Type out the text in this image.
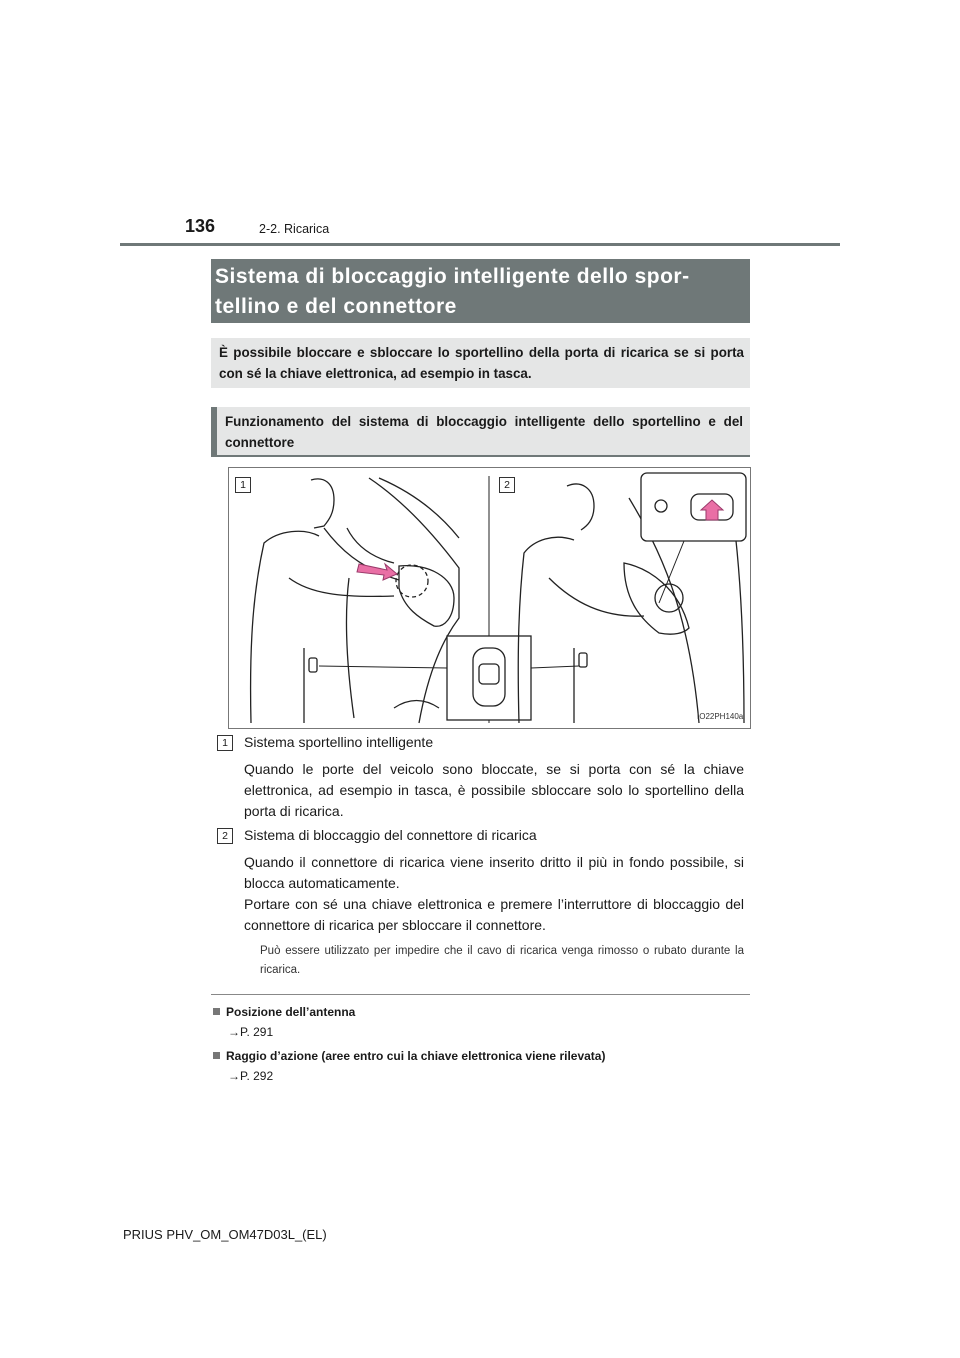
136	2-2. Ricarica
Sistema di bloccaggio intelligente dello spor-tellino e del connettore
È possibile bloccare e sbloccare lo sportellino della porta di ricarica se si porta con sé la chiave elettronica, ad esempio in tasca.
Funzionamento del sistema di bloccaggio intelligente dello sportellino e del connettore
1	2
IO22PH140a
1	Sistema sportellino intelligente
Quando le porte del veicolo sono bloccate, se si porta con sé la chiave elettronica, ad esempio in tasca, è possibile sbloccare solo lo sportellino della porta di ricarica.
2	Sistema di bloccaggio del connettore di ricarica
Quando il connettore di ricarica viene inserito dritto il più in fondo possibile, si blocca automaticamente.
Portare con sé una chiave elettronica e premere l’interruttore di bloccaggio del connettore di ricarica per sbloccare il connettore.
Può essere utilizzato per impedire che il cavo di ricarica venga rimosso o rubato durante la ricarica.
Posizione dell’antenna
→P. 291
Raggio d’azione (aree entro cui la chiave elettronica viene rilevata)
→P. 292
PRIUS PHV_OM_OM47D03L_(EL)
